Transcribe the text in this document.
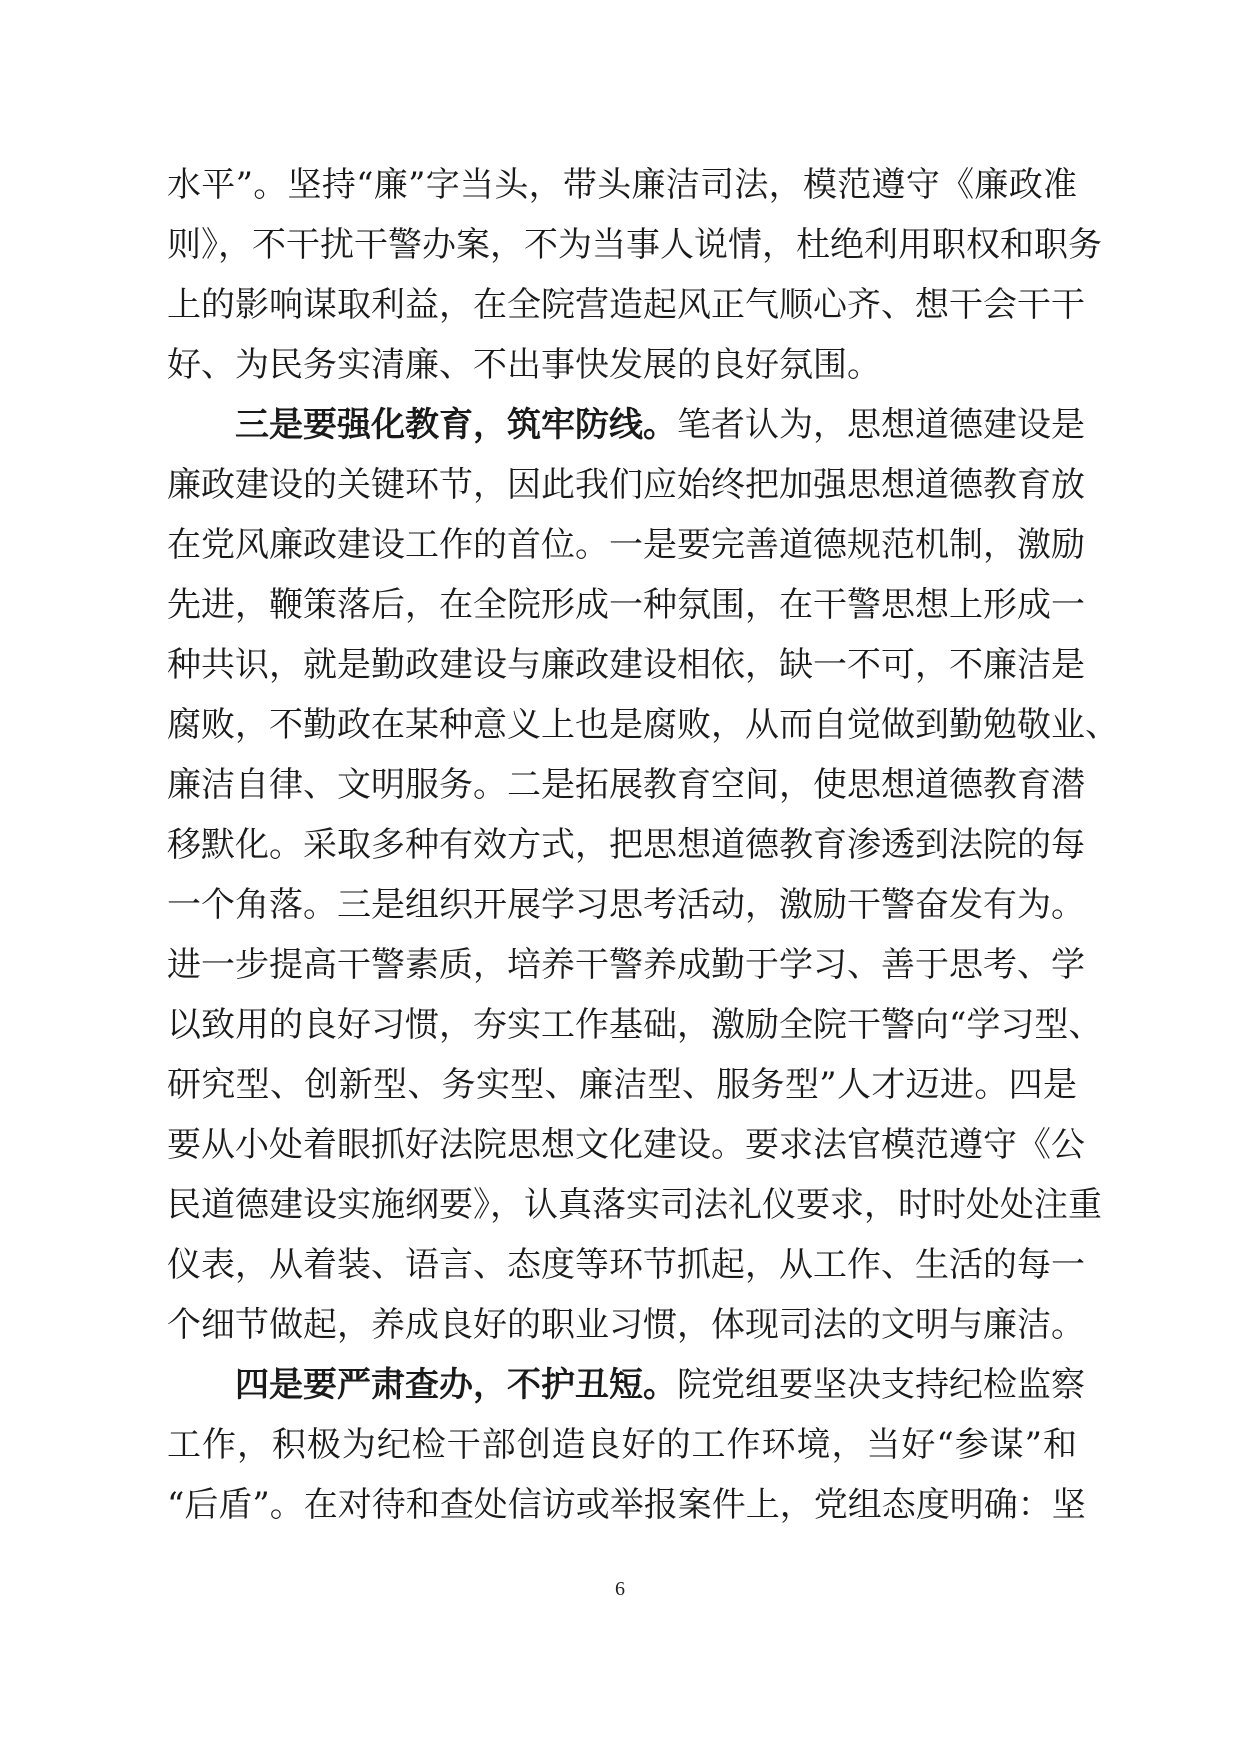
水平”。坚持“廉”字当头，带头廉洁司法，模范遵守《廉政准
则》，不干扰干警办案，不为当事人说情，杜绝利用职权和职务
上的影响谋取利益，在全院营造起风正气顺心齐、想干会干干
好、为民务实清廉、不出事快发展的良好氛围。
三是要强化教育，筑牢防线。笔者认为，思想道德建设是
廉政建设的关键环节，因此我们应始终把加强思想道德教育放
在党风廉政建设工作的首位。一是要完善道德规范机制，激励
先进，鞭策落后，在全院形成一种氛围，在干警思想上形成一
种共识，就是勤政建设与廉政建设相依，缺一不可，不廉洁是
腐败，不勤政在某种意义上也是腐败，从而自觉做到勤勉敬业、
廉洁自律、文明服务。二是拓展教育空间，使思想道德教育潜
移默化。采取多种有效方式，把思想道德教育渗透到法院的每
一个角落。三是组织开展学习思考活动，激励干警奋发有为。
进一步提高干警素质，培养干警养成勤于学习、善于思考、学
以致用的良好习惯，夯实工作基础，激励全院干警向“学习型、
研究型、创新型、务实型、廉洁型、服务型”人才迈进。四是
要从小处着眼抓好法院思想文化建设。要求法官模范遵守《公
民道德建设实施纲要》，认真落实司法礼仪要求，时时处处注重
仪表，从着装、语言、态度等环节抓起，从工作、生活的每一
个细节做起，养成良好的职业习惯，体现司法的文明与廉洁。
四是要严肃查办，不护丑短。院党组要坚决支持纪检监察
工作，积极为纪检干部创造良好的工作环境，当好“参谋”和
“后盾”。在对待和查处信访或举报案件上，党组态度明确：坚
6
